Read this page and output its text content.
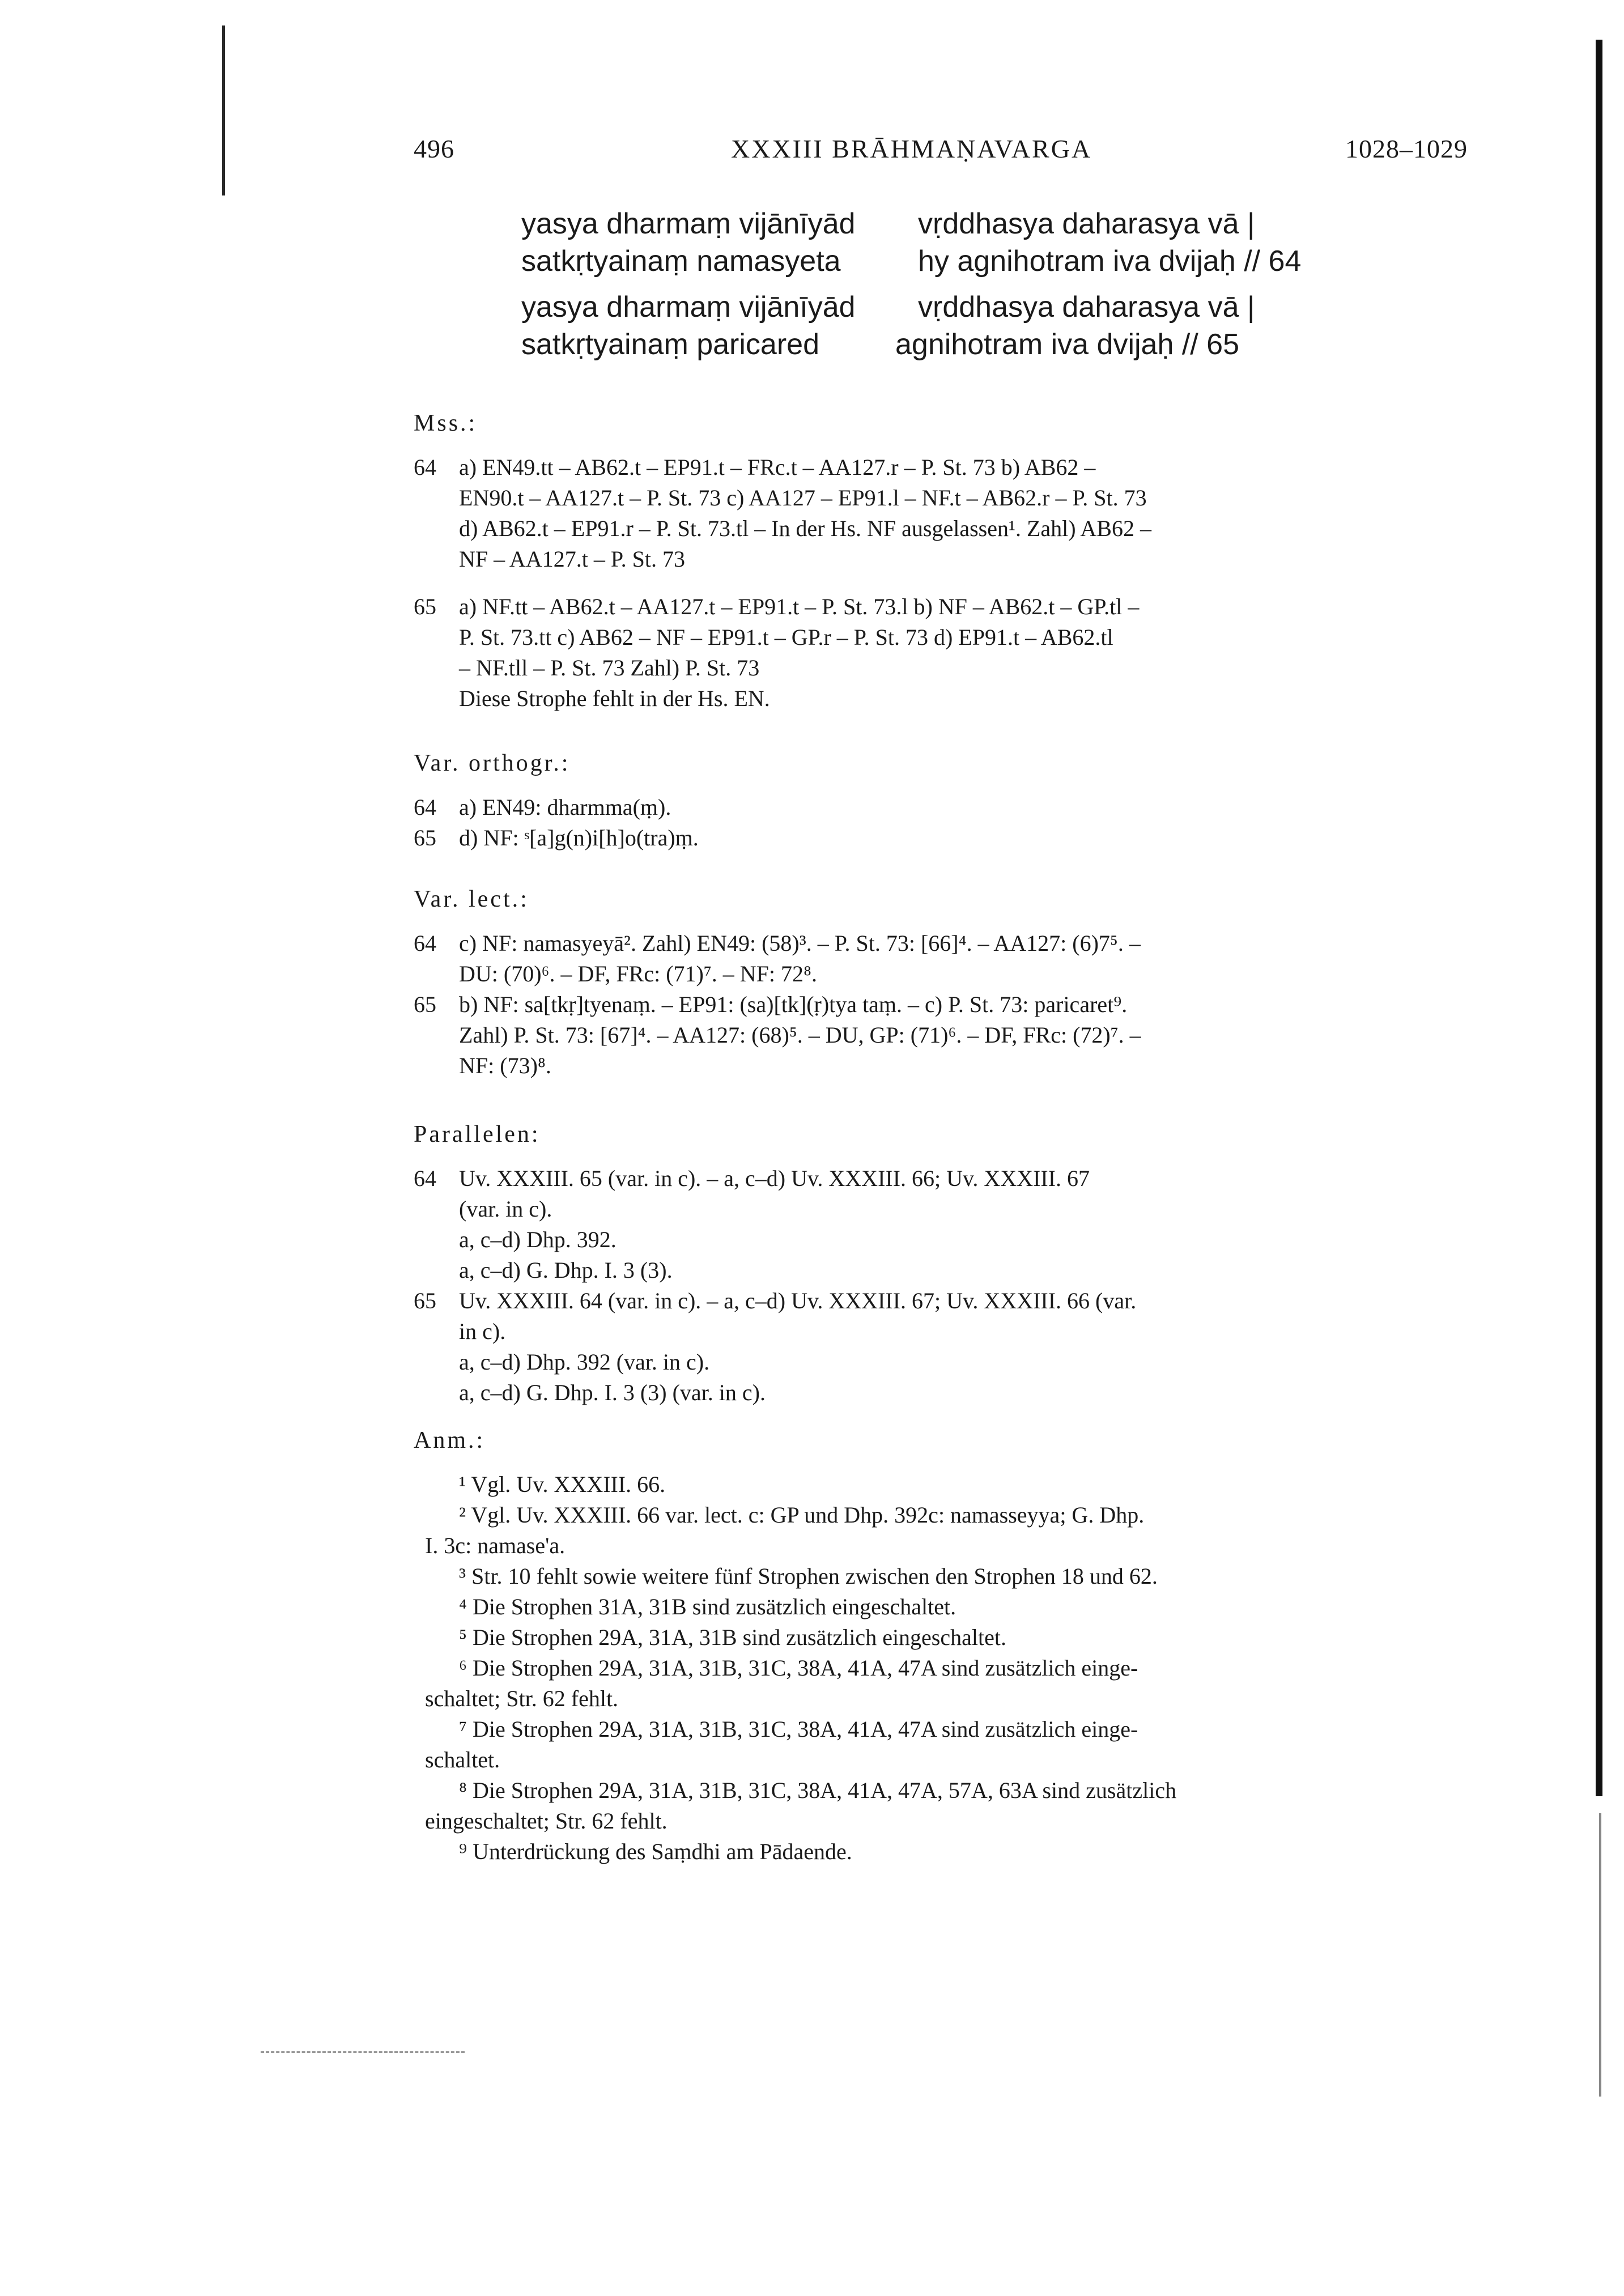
496	XXXIII BRĀHMAṆAVARGA	1028–1029
yasya dharmaṃ vijānīyād vṛddhasya daharasya vā |
satkṛtyainaṃ namasyeta	hy agnihotram iva dvijaḥ // 64
yasya dharmaṃ vijānīyād vṛddhasya daharasya vā |
satkṛtyainaṃ paricared	agnihotram iva dvijaḥ // 65
Mss.:
64	a) EN49.tt – AB62.t – EP91.t – FRc.t – AA127.r – P. St. 73 b) AB62 –

EN90.t – AA127.t – P. St. 73 c) AA127 – EP91.l – NF.t – AB62.r – P. St. 73

d) AB62.t – EP91.r – P. St. 73.tl – In der Hs. NF ausgelassen¹. Zahl) AB62 –

NF – AA127.t – P. St. 73

65	a) NF.tt – AB62.t – AA127.t – EP91.t – P. St. 73.l b) NF – AB62.t – GP.tl –

P. St. 73.tt c) AB62 – NF – EP91.t – GP.r – P. St. 73 d) EP91.t – AB62.tl

– NF.tll – P. St. 73 Zahl) P. St. 73

Diese Strophe fehlt in der Hs. EN.

Var. orthogr.:
64	a) EN49: dharmma(ṃ).

65	d) NF: ˢ[a]g(n)i[h]o(tra)ṃ.

Var. lect.:
64	c) NF: namasyeyā². Zahl) EN49: (58)³. – P. St. 73: [66]⁴. – AA127: (6)7⁵. –

DU: (70)⁶. – DF, FRc: (71)⁷. – NF: 72⁸.

65	b) NF: sa[tkṛ]tyenaṃ. – EP91: (sa)[tk](ṛ)tya taṃ. – c) P. St. 73: paricaret⁹.

Zahl) P. St. 73: [67]⁴. – AA127: (68)⁵. – DU, GP: (71)⁶. – DF, FRc: (72)⁷. –

NF: (73)⁸.

Parallelen:
64	Uv. XXXIII. 65 (var. in c). – a, c–d) Uv. XXXIII. 66; Uv. XXXIII. 67

(var. in c).

a, c–d) Dhp. 392.

a, c–d) G. Dhp. I. 3 (3).

65	Uv. XXXIII. 64 (var. in c). – a, c–d) Uv. XXXIII. 67; Uv. XXXIII. 66 (var.

in c).

a, c–d) Dhp. 392 (var. in c).

a, c–d) G. Dhp. I. 3 (3) (var. in c).

Anm.:

¹ Vgl. Uv. XXXIII. 66.

² Vgl. Uv. XXXIII. 66 var. lect. c: GP und Dhp. 392c: namasseyya; G. Dhp.

I. 3c: namase'a.

³ Str. 10 fehlt sowie weitere fünf Strophen zwischen den Strophen 18 und 62.

⁴ Die Strophen 31A, 31B sind zusätzlich eingeschaltet.

⁵ Die Strophen 29A, 31A, 31B sind zusätzlich eingeschaltet.

⁶ Die Strophen 29A, 31A, 31B, 31C, 38A, 41A, 47A sind zusätzlich einge-

schaltet; Str. 62 fehlt.

⁷ Die Strophen 29A, 31A, 31B, 31C, 38A, 41A, 47A sind zusätzlich einge-

schaltet.

⁸ Die Strophen 29A, 31A, 31B, 31C, 38A, 41A, 47A, 57A, 63A sind zusätzlich

eingeschaltet; Str. 62 fehlt.

⁹ Unterdrückung des Saṃdhi am Pādaende.
